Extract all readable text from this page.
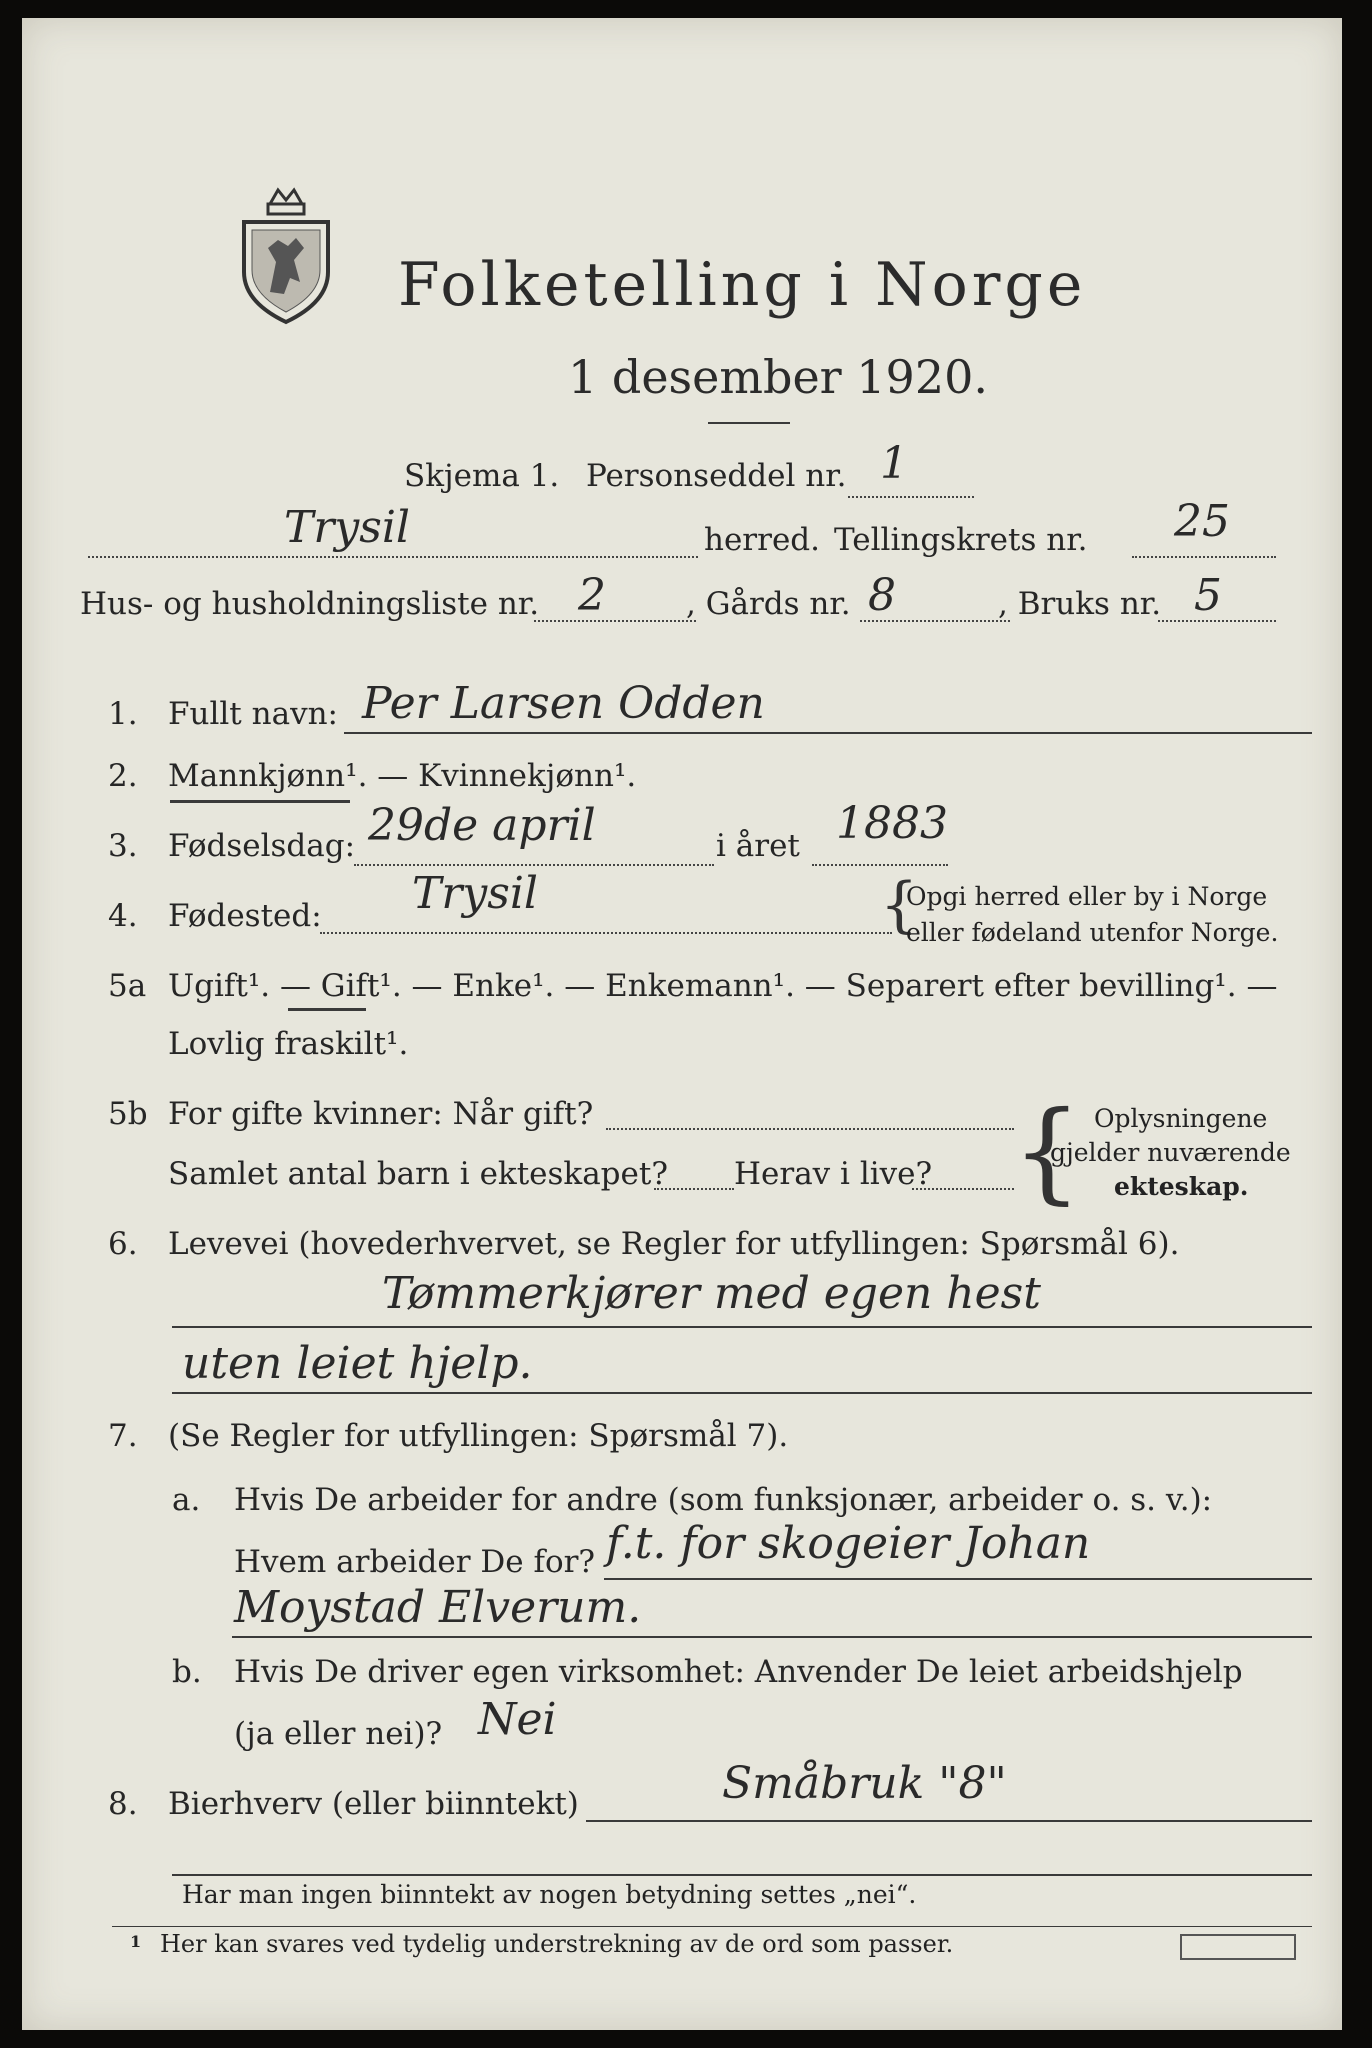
Folketelling i Norge
1 desember 1920.
Skjema 1. Personseddel nr. 1
Trysil	herred. Tellingskrets nr. 25
Hus- og husholdningsliste nr. 2	, Gårds nr. 8	, Bruks nr. 5
1. Fullt navn: Per Larsen Odden
2. Mannkjønn¹. — Kvinnekjønn¹.
3. Fødselsdag: 29de april	i året 1883
4. Fødested: Trysil	{
Opgi herred eller by i Norge
eller fødeland utenfor Norge.
5a Ugift¹. — Gift¹. — Enke¹. — Enkemann¹. — Separert efter bevilling¹. —
Lovlig fraskilt¹.
5b For gifte kvinner: Når gift?
Samlet antal barn i ekteskapet? Herav i live? { Oplysningene
gjelder nuværende
ekteskap.
6. Levevei (hovederhvervet, se Regler for utfyllingen: Spørsmål 6).
Tømmerkjører med egen hest
uten leiet hjelp.
7. (Se Regler for utfyllingen: Spørsmål 7).
a. Hvis De arbeider for andre (som funksjonær, arbeider o. s. v.):
Hvem arbeider De for? f.t. for skogeier Johan
Moystad Elverum.
b. Hvis De driver egen virksomhet: Anvender De leiet arbeidshjelp
(ja eller nei)? Nei
8. Bierhverv (eller biinntekt)	Småbruk "8"
Har man ingen biinntekt av nogen betydning settes „nei“.
1 Her kan svares ved tydelig understrekning av de ord som passer.
